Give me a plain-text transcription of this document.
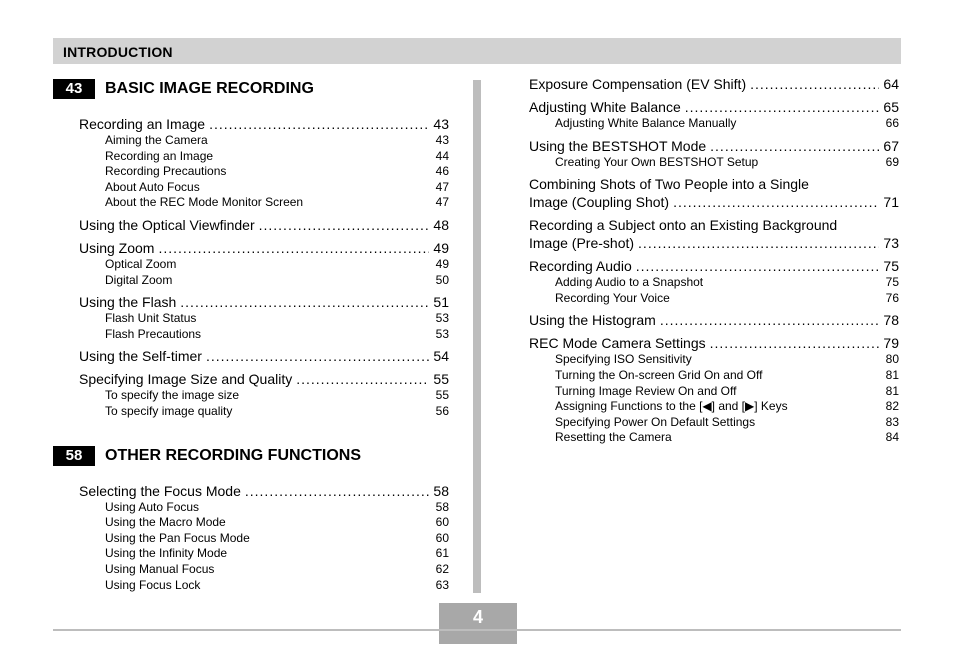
INTRODUCTION
43	BASIC IMAGE RECORDING
Recording an Image .....	43
Aiming the Camera	43
Recording an Image	44
Recording Precautions	46
About Auto Focus	47
About the REC Mode Monitor Screen	47
Using the Optical Viewfinder .....	48
Using Zoom .....	49
Optical Zoom	49
Digital Zoom	50
Using the Flash .....	51
Flash Unit Status	53
Flash Precautions	53
Using the Self-timer .....	54
Specifying Image Size and Quality .....	55
To specify the image size	55
To specify image quality	56
58	OTHER RECORDING FUNCTIONS
Selecting the Focus Mode .....	58
Using Auto Focus	58
Using the Macro Mode	60
Using the Pan Focus Mode	60
Using the Infinity Mode	61
Using Manual Focus	62
Using Focus Lock	63
Exposure Compensation (EV Shift) .....	64
Adjusting White Balance .....	65
Adjusting White Balance Manually	66
Using the BESTSHOT Mode .....	67
Creating Your Own BESTSHOT Setup	69
Combining Shots of Two People into a Single
Image (Coupling Shot) .....	71
Recording a Subject onto an Existing Background
Image (Pre-shot) .....	73
Recording Audio .....	75
Adding Audio to a Snapshot	75
Recording Your Voice	76
Using the Histogram .....	78
REC Mode Camera Settings .....	79
Specifying ISO Sensitivity	80
Turning the On-screen Grid On and Off	81
Turning Image Review On and Off	81
Assigning Functions to the [◀] and [▶] Keys	82
Specifying Power On Default Settings	83
Resetting the Camera	84
4
